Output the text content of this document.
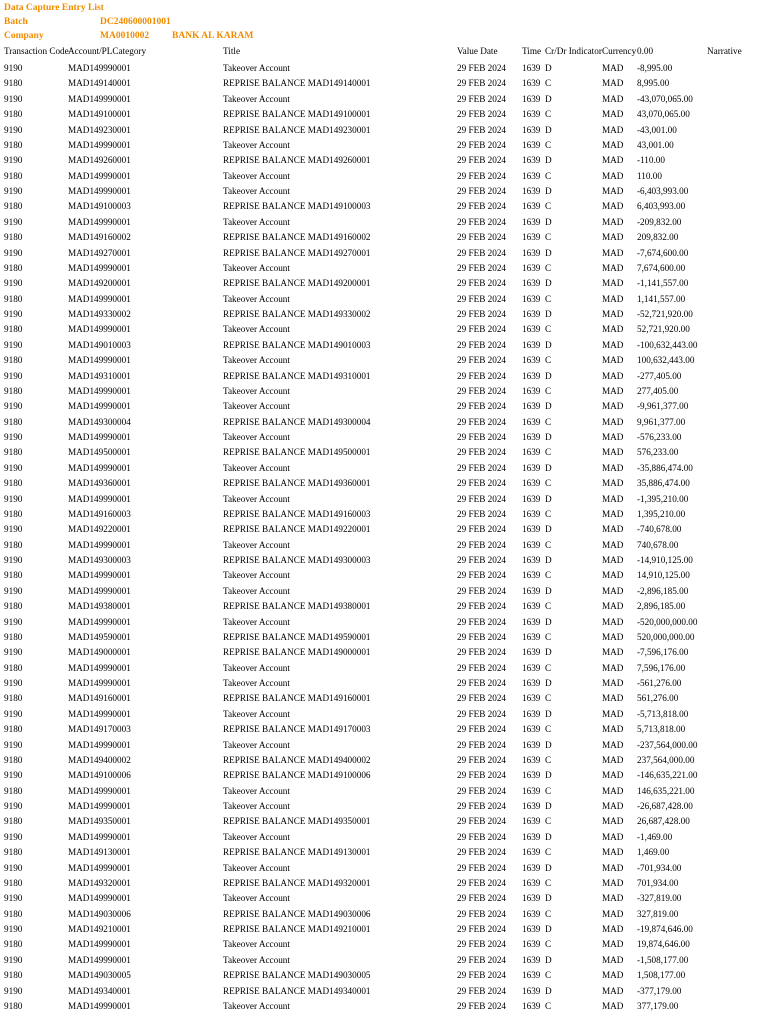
Data Capture Entry List
Batch	DC240600001001
Company	MA0010002 BANK AL KARAM
Transaction Code Account/PLCategory	Title	Value Date	Time Cr/Dr Indicator Currency 0.00	Narrative
9190	MAD149990001	Takeover Account	29 FEB 2024 1639 D	MAD -8,995.00
9180	MAD149140001	REPRISE BALANCE MAD149140001	29 FEB 2024 1639 C	MAD 8,995.00
9190	MAD149990001	Takeover Account	29 FEB 2024 1639 D	MAD -43,070,065.00
9180	MAD149100001	REPRISE BALANCE MAD149100001	29 FEB 2024 1639 C	MAD 43,070,065.00
9190	MAD149230001	REPRISE BALANCE MAD149230001	29 FEB 2024 1639 D	MAD -43,001.00
9180	MAD149990001	Takeover Account	29 FEB 2024 1639 C	MAD 43,001.00
9190	MAD149260001	REPRISE BALANCE MAD149260001	29 FEB 2024 1639 D	MAD -110.00
9180	MAD149990001	Takeover Account	29 FEB 2024 1639 C	MAD 110.00
9190	MAD149990001	Takeover Account	29 FEB 2024 1639 D	MAD -6,403,993.00
9180	MAD149100003	REPRISE BALANCE MAD149100003	29 FEB 2024 1639 C	MAD 6,403,993.00
9190	MAD149990001	Takeover Account	29 FEB 2024 1639 D	MAD -209,832.00
9180	MAD149160002	REPRISE BALANCE MAD149160002	29 FEB 2024 1639 C	MAD 209,832.00
9190	MAD149270001	REPRISE BALANCE MAD149270001	29 FEB 2024 1639 D	MAD -7,674,600.00
9180	MAD149990001	Takeover Account	29 FEB 2024 1639 C	MAD 7,674,600.00
9190	MAD149200001	REPRISE BALANCE MAD149200001	29 FEB 2024 1639 D	MAD -1,141,557.00
9180	MAD149990001	Takeover Account	29 FEB 2024 1639 C	MAD 1,141,557.00
9190	MAD149330002	REPRISE BALANCE MAD149330002	29 FEB 2024 1639 D	MAD -52,721,920.00
9180	MAD149990001	Takeover Account	29 FEB 2024 1639 C	MAD 52,721,920.00
9190	MAD149010003	REPRISE BALANCE MAD149010003	29 FEB 2024 1639 D	MAD -100,632,443.00
9180	MAD149990001	Takeover Account	29 FEB 2024 1639 C	MAD 100,632,443.00
9190	MAD149310001	REPRISE BALANCE MAD149310001	29 FEB 2024 1639 D	MAD -277,405.00
9180	MAD149990001	Takeover Account	29 FEB 2024 1639 C	MAD 277,405.00
9190	MAD149990001	Takeover Account	29 FEB 2024 1639 D	MAD -9,961,377.00
9180	MAD149300004	REPRISE BALANCE MAD149300004	29 FEB 2024 1639 C	MAD 9,961,377.00
9190	MAD149990001	Takeover Account	29 FEB 2024 1639 D	MAD -576,233.00
9180	MAD149500001	REPRISE BALANCE MAD149500001	29 FEB 2024 1639 C	MAD 576,233.00
9190	MAD149990001	Takeover Account	29 FEB 2024 1639 D	MAD -35,886,474.00
9180	MAD149360001	REPRISE BALANCE MAD149360001	29 FEB 2024 1639 C	MAD 35,886,474.00
9190	MAD149990001	Takeover Account	29 FEB 2024 1639 D	MAD -1,395,210.00
9180	MAD149160003	REPRISE BALANCE MAD149160003	29 FEB 2024 1639 C	MAD 1,395,210.00
9190	MAD149220001	REPRISE BALANCE MAD149220001	29 FEB 2024 1639 D	MAD -740,678.00
9180	MAD149990001	Takeover Account	29 FEB 2024 1639 C	MAD 740,678.00
9190	MAD149300003	REPRISE BALANCE MAD149300003	29 FEB 2024 1639 D	MAD -14,910,125.00
9180	MAD149990001	Takeover Account	29 FEB 2024 1639 C	MAD 14,910,125.00
9190	MAD149990001	Takeover Account	29 FEB 2024 1639 D	MAD -2,896,185.00
9180	MAD149380001	REPRISE BALANCE MAD149380001	29 FEB 2024 1639 C	MAD 2,896,185.00
9190	MAD149990001	Takeover Account	29 FEB 2024 1639 D	MAD -520,000,000.00
9180	MAD149590001	REPRISE BALANCE MAD149590001	29 FEB 2024 1639 C	MAD 520,000,000.00
9190	MAD149000001	REPRISE BALANCE MAD149000001	29 FEB 2024 1639 D	MAD -7,596,176.00
9180	MAD149990001	Takeover Account	29 FEB 2024 1639 C	MAD 7,596,176.00
9190	MAD149990001	Takeover Account	29 FEB 2024 1639 D	MAD -561,276.00
9180	MAD149160001	REPRISE BALANCE MAD149160001	29 FEB 2024 1639 C	MAD 561,276.00
9190	MAD149990001	Takeover Account	29 FEB 2024 1639 D	MAD -5,713,818.00
9180	MAD149170003	REPRISE BALANCE MAD149170003	29 FEB 2024 1639 C	MAD 5,713,818.00
9190	MAD149990001	Takeover Account	29 FEB 2024 1639 D	MAD -237,564,000.00
9180	MAD149400002	REPRISE BALANCE MAD149400002	29 FEB 2024 1639 C	MAD 237,564,000.00
9190	MAD149100006	REPRISE BALANCE MAD149100006	29 FEB 2024 1639 D	MAD -146,635,221.00
9180	MAD149990001	Takeover Account	29 FEB 2024 1639 C	MAD 146,635,221.00
9190	MAD149990001	Takeover Account	29 FEB 2024 1639 D	MAD -26,687,428.00
9180	MAD149350001	REPRISE BALANCE MAD149350001	29 FEB 2024 1639 C	MAD 26,687,428.00
9190	MAD149990001	Takeover Account	29 FEB 2024 1639 D	MAD -1,469.00
9180	MAD149130001	REPRISE BALANCE MAD149130001	29 FEB 2024 1639 C	MAD 1,469.00
9190	MAD149990001	Takeover Account	29 FEB 2024 1639 D	MAD -701,934.00
9180	MAD149320001	REPRISE BALANCE MAD149320001	29 FEB 2024 1639 C	MAD 701,934.00
9190	MAD149990001	Takeover Account	29 FEB 2024 1639 D	MAD -327,819.00
9180	MAD149030006	REPRISE BALANCE MAD149030006	29 FEB 2024 1639 C	MAD 327,819.00
9190	MAD149210001	REPRISE BALANCE MAD149210001	29 FEB 2024 1639 D	MAD -19,874,646.00
9180	MAD149990001	Takeover Account	29 FEB 2024 1639 C	MAD 19,874,646.00
9190	MAD149990001	Takeover Account	29 FEB 2024 1639 D	MAD -1,508,177.00
9180	MAD149030005	REPRISE BALANCE MAD149030005	29 FEB 2024 1639 C	MAD 1,508,177.00
9190	MAD149340001	REPRISE BALANCE MAD149340001	29 FEB 2024 1639 D	MAD -377,179.00
9180	MAD149990001	Takeover Account	29 FEB 2024 1639 C	MAD 377,179.00
